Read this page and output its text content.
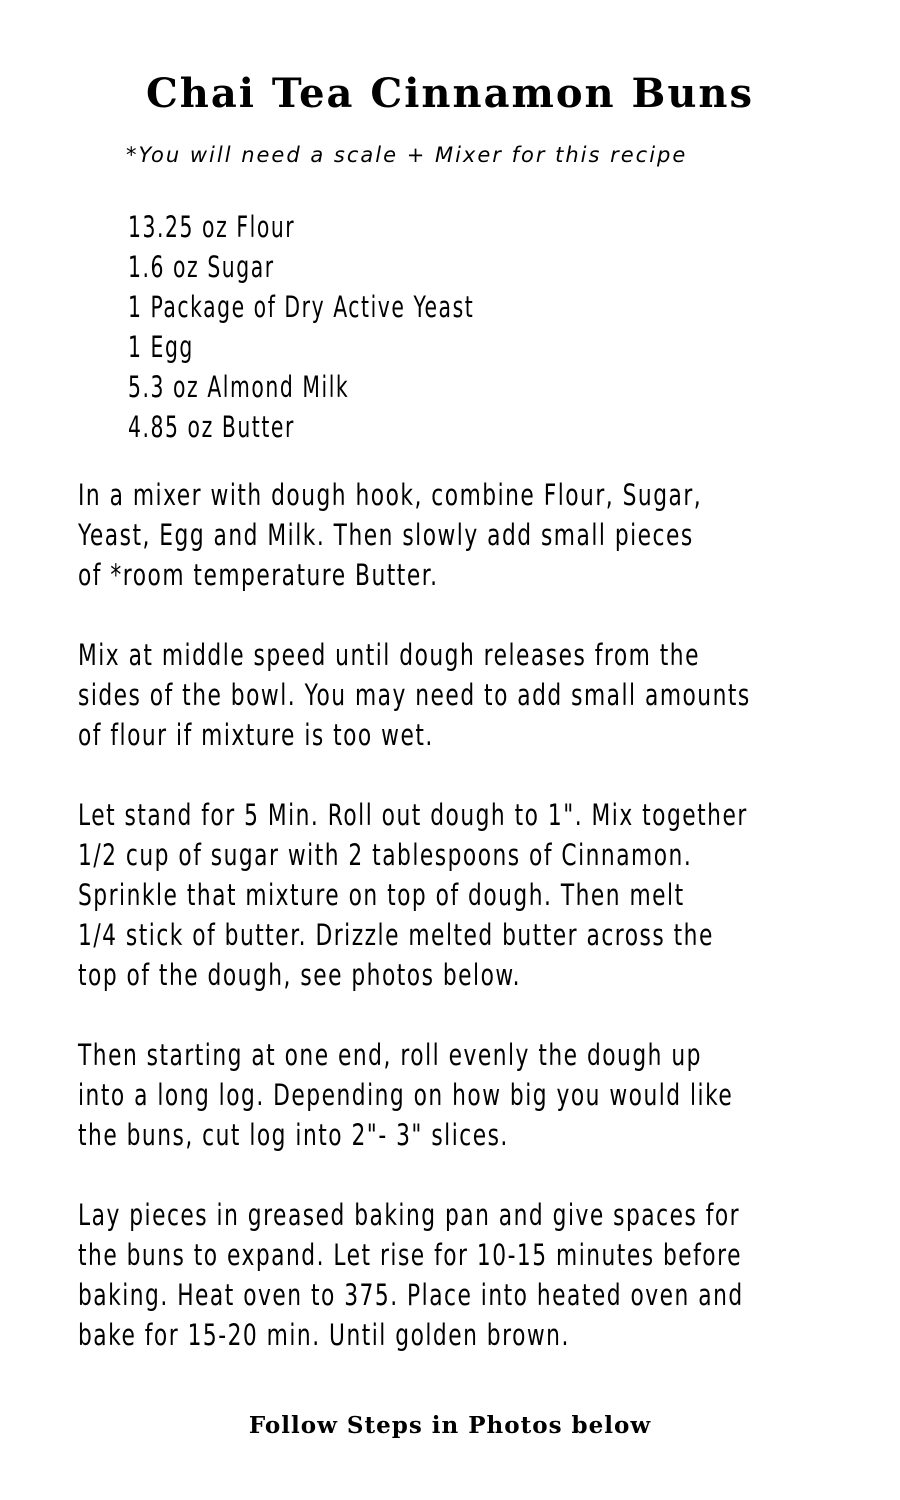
Chai Tea Cinnamon Buns

*You will need a scale + Mixer for this recipe

13.25 oz Flour
1.6 oz Sugar
1 Package of Dry Active Yeast
1 Egg
5.3 oz Almond Milk
4.85 oz Butter

In a mixer with dough hook, combine Flour, Sugar,
Yeast, Egg and Milk. Then slowly add small pieces
of *room temperature Butter.

Mix at middle speed until dough releases from the
sides of the bowl. You may need to add small amounts
of flour if mixture is too wet.

Let stand for 5 Min. Roll out dough to 1". Mix together
1/2 cup of sugar with 2 tablespoons of Cinnamon.
Sprinkle that mixture on top of dough. Then melt
1/4 stick of butter. Drizzle melted butter across the
top of the dough, see photos below.

Then starting at one end, roll evenly the dough up
into a long log. Depending on how big you would like
the buns, cut log into 2"- 3" slices.

Lay pieces in greased baking pan and give spaces for
the buns to expand. Let rise for 10-15 minutes before
baking. Heat oven to 375. Place into heated oven and
bake for 15-20 min. Until golden brown.

Follow Steps in Photos below
